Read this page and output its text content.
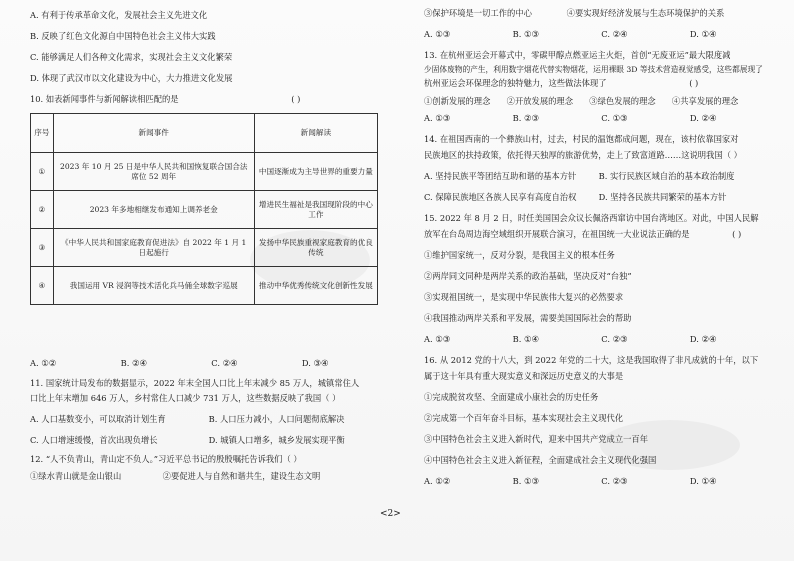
A. 有利于传承革命文化，发展社会主义先进文化
B. 反映了红色文化源自中国特色社会主义伟大实践
C. 能够满足人们各种文化需求，实现社会主义文化繁荣
D. 体现了武汉市以文化建设为中心，大力推进文化发展
10. 如表新闻事件与新闻解读相匹配的是	( )
序号	新闻事件	新闻解读
①	2023 年 10 月 25 日是中华人民共和国恢复联合国合法席位 52 周年	中国逐渐成为主导世界的重要力量
②	2023 年多地相继发布通知上调养老金	增进民生福祉是我国现阶段的中心工作
③	《中华人民共和国家庭教育促进法》自 2022 年 1 月 1 日起施行	发扬中华民族重视家庭教育的优良传统
④	我国运用 VR 浸润等技术活化兵马俑全球数字巡展	推动中华优秀传统文化创新性发展
A. ①②	B. ②④	C. ②④	D. ③④
11. 国家统计局发布的数据显示，2022 年末全国人口比上年末减少 85 万人，城镇常住人
口比上年末增加 646 万人，乡村常住人口减少 731 万人，这些数据反映了我国（ ）
A. 人口基数变小，可以取消计划生育	B. 人口压力减小，人口问题彻底解决
C. 人口增速缓慢，首次出现负增长	D. 城镇人口增多，城乡发展实现平衡
12. “人不负青山，青山定不负人。”习近平总书记的殷殷嘱托告诉我们（ ）
①绿水青山就是金山银山	②要促进人与自然和谐共生，建设生态文明
③保护环境是一切工作的中心	④要实现好经济发展与生态环境保护的关系
A. ①③	B. ①③	C. ②④	D. ①④
13. 在杭州亚运会开幕式中，零碳甲醇点燃亚运主火炬，首创“无废亚运”最大限度减
少固体废物的产生，利用数字烟花代替实物烟花，运用裸眼 3D 等技术营造视觉感受，这些都展现了
杭州亚运会环保理念的独特魅力，这些做法体现了	( )
①创新发展的理念 ②开放发展的理念 ③绿色发展的理念 ④共享发展的理念
A. ①③	B. ②③	C. ①③	D. ②④
14. 在祖国西南的一个彝族山村，过去，村民的温饱都成问题，现在，该村依靠国家对
民族地区的扶持政策，依托得天独厚的旅游优势，走上了致富道路……这说明我国（ ）
A. 坚持民族平等团结互助和谐的基本方针	B. 实行民族区域自治的基本政治制度
C. 保障民族地区各族人民享有高度自治权	D. 坚持各民族共同繁荣的基本方针
15. 2022 年 8 月 2 日，时任美国国会众议长佩洛西窜访中国台湾地区。对此，中国人民解
放军在台岛周边海空域组织开展联合演习，在祖国统一大业说法正确的是	( )
①维护国家统一，反对分裂，是我国主义的根本任务
②两岸同文同种是两岸关系的政治基础，坚决反对“台独”
③实现祖国统一，是实现中华民族伟大复兴的必然要求
④我国推动两岸关系和平发展，需要美国国际社会的帮助
A. ①③	B. ①④	C. ②③	D. ②④
16. 从 2012 党的十八大，到 2022 年党的二十大，这是我国取得了非凡成就的十年，以下
属于这十年具有重大现实意义和深远历史意义的大事是
①完成脱贫攻坚、全面建成小康社会的历史任务
②完成第一个百年奋斗目标，基本实现社会主义现代化
③中国特色社会主义进入新时代，迎来中国共产党成立一百年
④中国特色社会主义进入新征程，全面建成社会主义现代化强国
A. ①②	B. ①③	C. ②③	D. ①④
<2>
